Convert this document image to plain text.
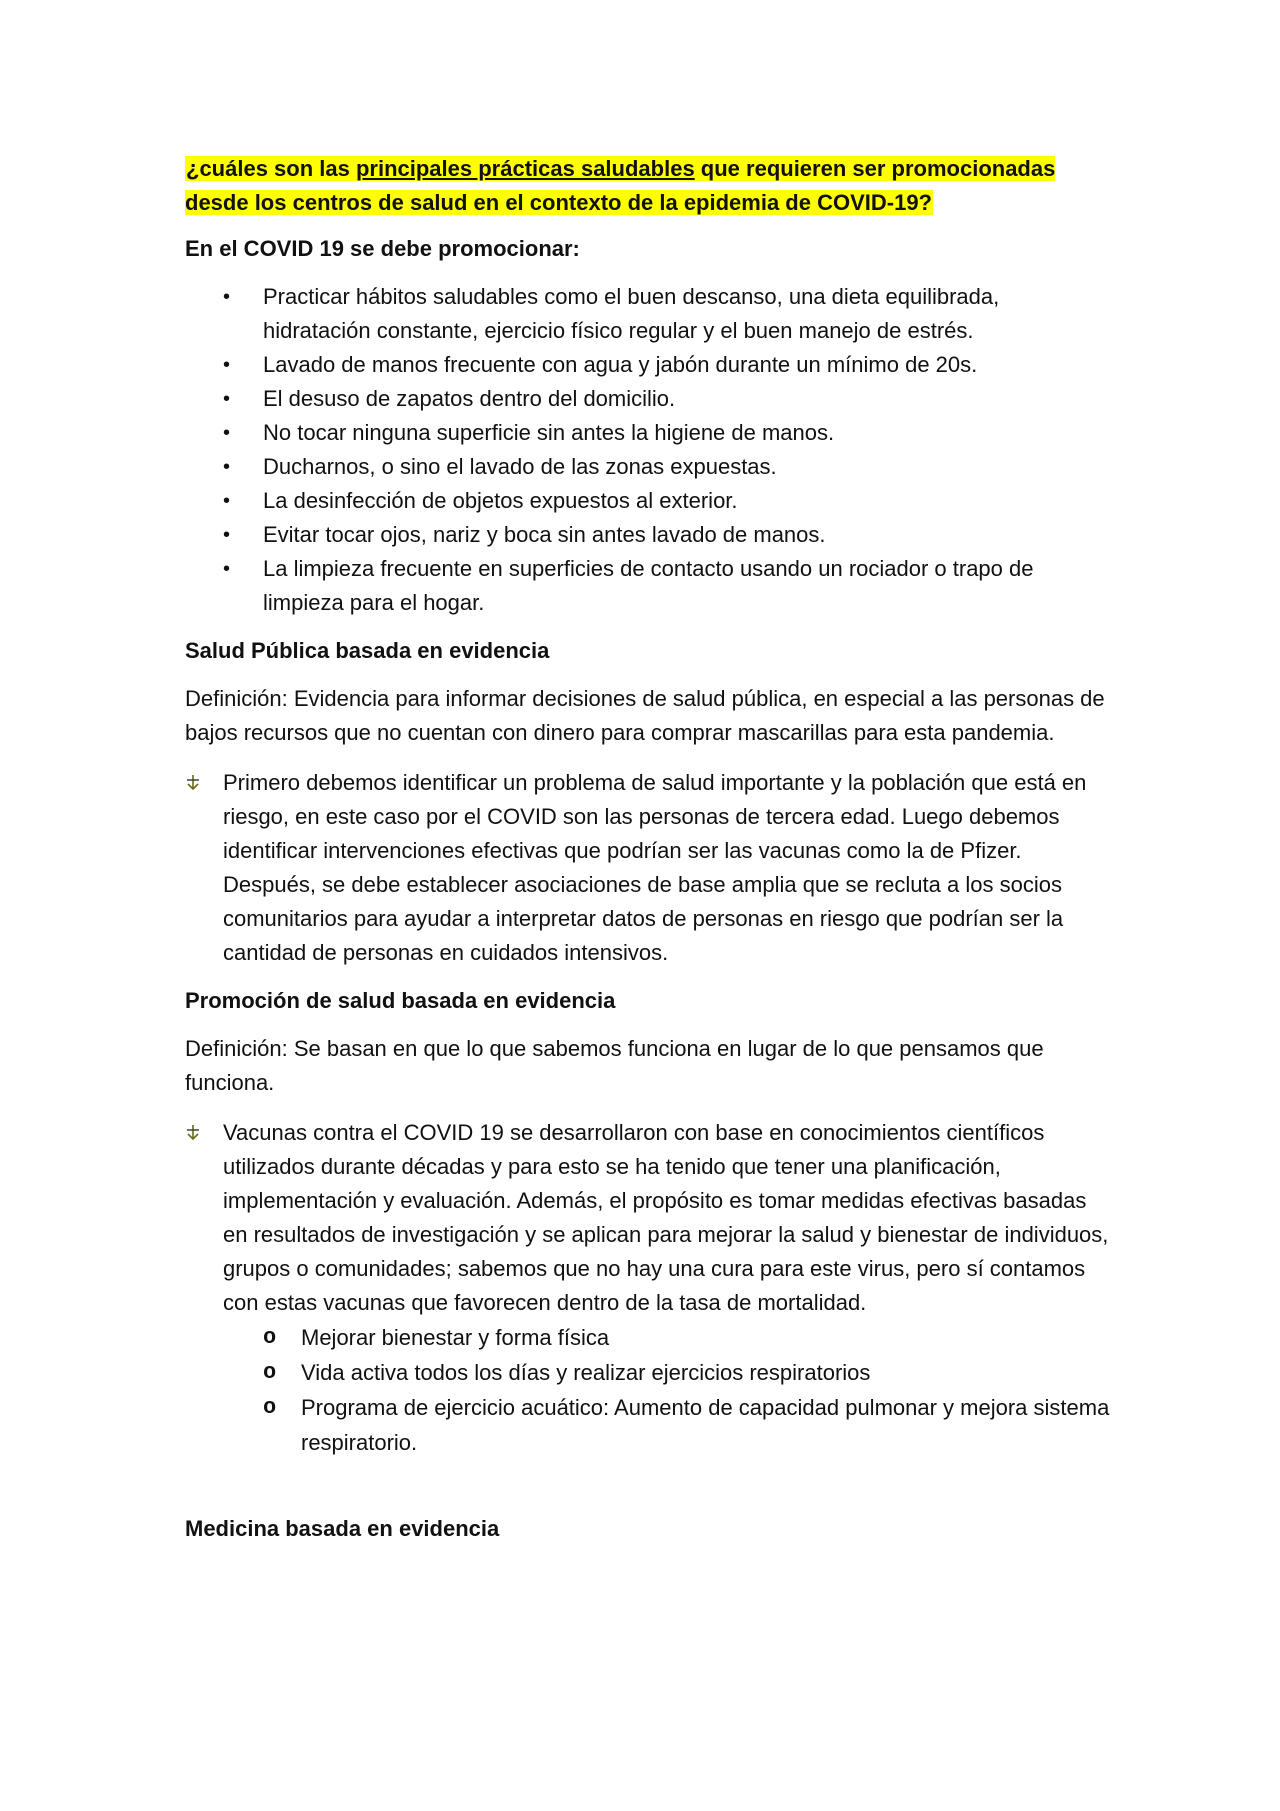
¿cuáles son las principales prácticas saludables que requieren ser promocionadas desde los centros de salud en el contexto de la epidemia de COVID-19?

En el COVID 19 se debe promocionar:

• Practicar hábitos saludables como el buen descanso, una dieta equilibrada, hidratación constante, ejercicio físico regular y el buen manejo de estrés.
• Lavado de manos frecuente con agua y jabón durante un mínimo de 20s.
• El desuso de zapatos dentro del domicilio.
• No tocar ninguna superficie sin antes la higiene de manos.
• Ducharnos, o sino el lavado de las zonas expuestas.
• La desinfección de objetos expuestos al exterior.
• Evitar tocar ojos, nariz y boca sin antes lavado de manos.
• La limpieza frecuente en superficies de contacto usando un rociador o trapo de limpieza para el hogar.

Salud Pública basada en evidencia

Definición: Evidencia para informar decisiones de salud pública, en especial a las personas de bajos recursos que no cuentan con dinero para comprar mascarillas para esta pandemia.

Primero debemos identificar un problema de salud importante y la población que está en riesgo, en este caso por el COVID son las personas de tercera edad. Luego debemos identificar intervenciones efectivas que podrían ser las vacunas como la de Pfizer. Después, se debe establecer asociaciones de base amplia que se recluta a los socios comunitarios para ayudar a interpretar datos de personas en riesgo que podrían ser la cantidad de personas en cuidados intensivos.

Promoción de salud basada en evidencia

Definición: Se basan en que lo que sabemos funciona en lugar de lo que pensamos que funciona.

Vacunas contra el COVID 19 se desarrollaron con base en conocimientos científicos utilizados durante décadas y para esto se ha tenido que tener una planificación, implementación y evaluación. Además, el propósito es tomar medidas efectivas basadas en resultados de investigación y se aplican para mejorar la salud y bienestar de individuos, grupos o comunidades; sabemos que no hay una cura para este virus, pero sí contamos con estas vacunas que favorecen dentro de la tasa de mortalidad.
o Mejorar bienestar y forma física
o Vida activa todos los días y realizar ejercicios respiratorios
o Programa de ejercicio acuático: Aumento de capacidad pulmonar y mejora sistema respiratorio.

Medicina basada en evidencia
